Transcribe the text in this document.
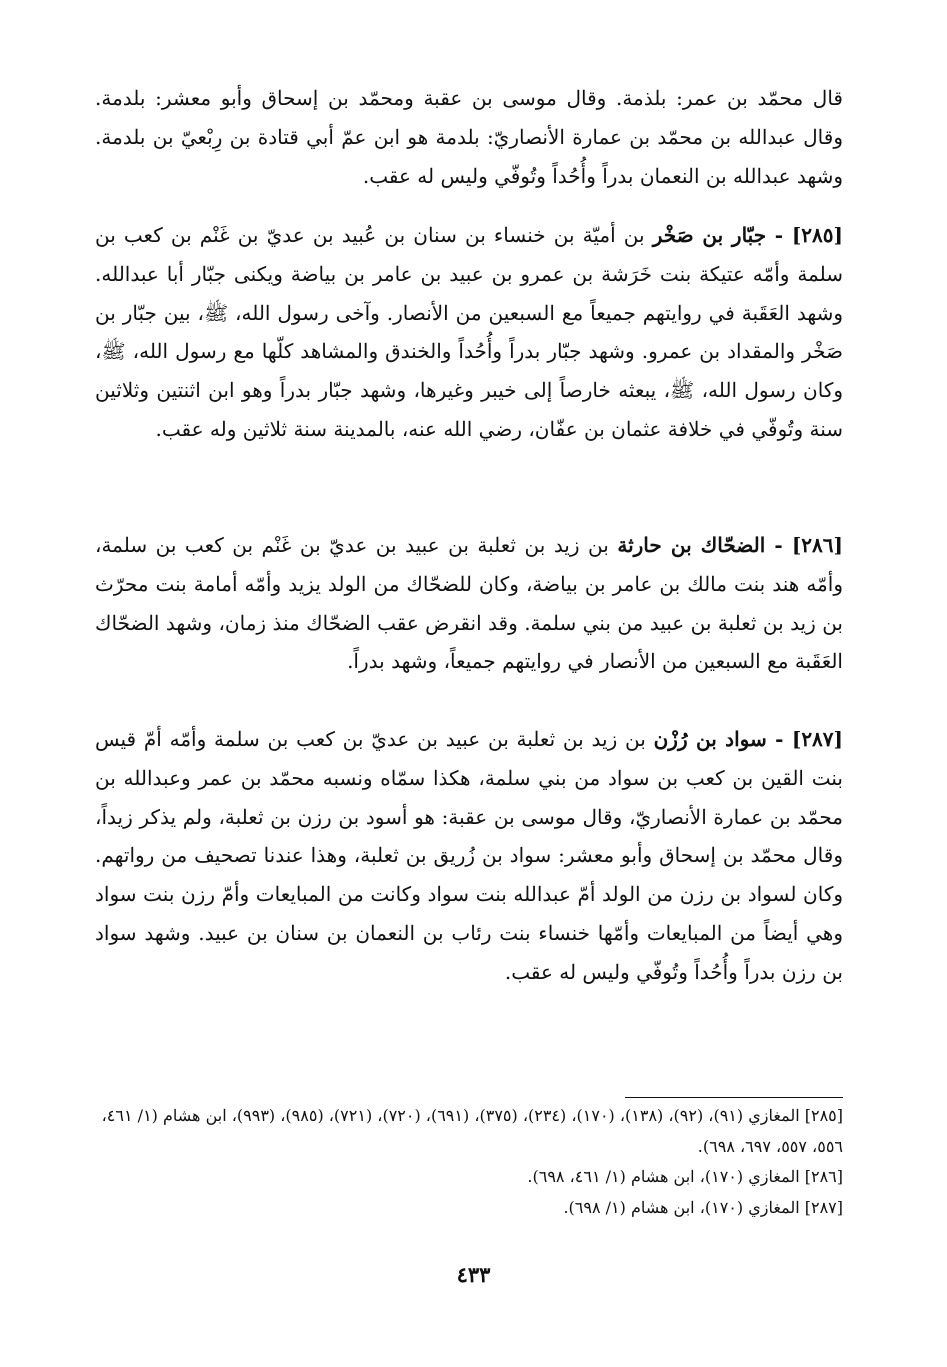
قال محمّد بن عمر: بلذمة. وقال موسى بن عقبة ومحمّد بن إسحاق وأبو معشر: بلدمة. وقال عبدالله بن محمّد بن عمارة الأنصاريّ: بلدمة هو ابن عمّ أبي قتادة بن رِبْعيّ بن بلدمة. وشهد عبدالله بن النعمان بدراً وأُحُداً وتُوفّي وليس له عقب.

[٢٨٥] - جبّار بن صَخْر بن أميّة بن خنساء بن سنان بن عُبيد بن عديّ بن غَنْم بن كعب بن سلمة وأمّه عتيكة بنت خَرَشة بن عمرو بن عبيد بن عامر بن بياضة ويكنى جبّار أبا عبدالله. وشهد العَقَبة في روايتهم جميعاً مع السبعين من الأنصار. وآخى رسول الله، ﷺ، بين جبّار بن صَخْر والمقداد بن عمرو. وشهد جبّار بدراً وأُحُداً والخندق والمشاهد كلّها مع رسول الله، ﷺ، وكان رسول الله، ﷺ، يبعثه خارصاً إلى خيبر وغيرها، وشهد جبّار بدراً وهو ابن اثنتين وثلاثين سنة وتُوفّي في خلافة عثمان بن عفّان، رضي الله عنه، بالمدينة سنة ثلاثين وله عقب.

[٢٨٦] - الضحّاك بن حارثة بن زيد بن ثعلبة بن عبيد بن عديّ بن غَنْم بن كعب بن سلمة، وأمّه هند بنت مالك بن عامر بن بياضة، وكان للضحّاك من الولد يزيد وأمّه أمامة بنت محرّث بن زيد بن ثعلبة بن عبيد من بني سلمة. وقد انقرض عقب الضحّاك منذ زمان، وشهد الضحّاك العَقَبة مع السبعين من الأنصار في روايتهم جميعاً، وشهد بدراً.

[٢٨٧] - سواد بن رُزْن بن زيد بن ثعلبة بن عبيد بن عديّ بن كعب بن سلمة وأمّه أمّ قيس بنت القين بن كعب بن سواد من بني سلمة، هكذا سمّاه ونسبه محمّد بن عمر وعبدالله بن محمّد بن عمارة الأنصاريّ، وقال موسى بن عقبة: هو أسود بن رزن بن ثعلبة، ولم يذكر زيداً، وقال محمّد بن إسحاق وأبو معشر: سواد بن زُريق بن ثعلبة، وهذا عندنا تصحيف من رواتهم. وكان لسواد بن رزن من الولد أمّ عبدالله بنت سواد وكانت من المبايعات وأمّ رزن بنت سواد وهي أيضاً من المبايعات وأمّها خنساء بنت رئاب بن النعمان بن سنان بن عبيد. وشهد سواد بن رزن بدراً وأُحُداً وتُوفّي وليس له عقب.

[٢٨٥] المغازي (٩١)، (٩٢)، (١٣٨)، (١٧٠)، (٢٣٤)، (٣٧٥)، (٦٩١)، (٧٢٠)، (٧٢١)، (٩٨٥)، (٩٩٣)، ابن هشام (١/ ٤٦١، ٥٥٦، ٥٥٧، ٦٩٧، ٦٩٨).

[٢٨٦] المغازي (١٧٠)، ابن هشام (١/ ٤٦١، ٦٩٨).

[٢٨٧] المغازي (١٧٠)، ابن هشام (١/ ٦٩٨).

٤٣٣
